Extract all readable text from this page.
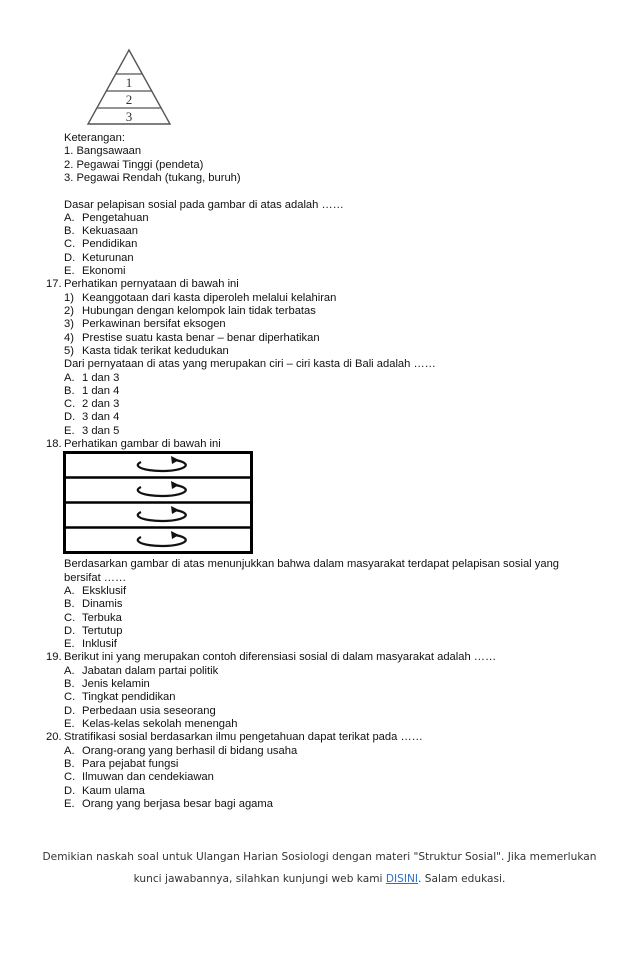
1
2
3
Keterangan:
1. Bangsawaan
2. Pegawai Tinggi (pendeta)
3. Pegawai Rendah (tukang, buruh)
Dasar pelapisan sosial pada gambar di atas adalah ……
A. Pengetahuan
B. Kekuasaan
C. Pendidikan
D. Keturunan
E. Ekonomi
17. Perhatikan pernyataan di bawah ini
1) Keanggotaan dari kasta diperoleh melalui kelahiran
2) Hubungan dengan kelompok lain tidak terbatas
3) Perkawinan bersifat eksogen
4) Prestise suatu kasta benar – benar diperhatikan
5) Kasta tidak terikat kedudukan
Dari pernyataan di atas yang merupakan ciri – ciri kasta di Bali adalah ……
A. 1 dan 3
B. 1 dan 4
C. 2 dan 3
D. 3 dan 4
E. 3 dan 5
18. Perhatikan gambar di bawah ini
Berdasarkan gambar di atas menunjukkan bahwa dalam masyarakat terdapat pelapisan sosial yang
bersifat ……
A. Eksklusif
B. Dinamis
C. Terbuka
D. Tertutup
E. Inklusif
19. Berikut ini yang merupakan contoh diferensiasi sosial di dalam masyarakat adalah ……
A. Jabatan dalam partai politik
B. Jenis kelamin
C. Tingkat pendidikan
D. Perbedaan usia seseorang
E. Kelas-kelas sekolah menengah
20. Stratifikasi sosial berdasarkan ilmu pengetahuan dapat terikat pada ……
A. Orang-orang yang berhasil di bidang usaha
B. Para pejabat fungsi
C. Ilmuwan dan cendekiawan
D. Kaum ulama
E. Orang yang berjasa besar bagi agama
Demikian naskah soal untuk Ulangan Harian Sosiologi dengan materi "Struktur Sosial". Jika memerlukan
kunci jawabannya, silahkan kunjungi web kami DISINI. Salam edukasi.
